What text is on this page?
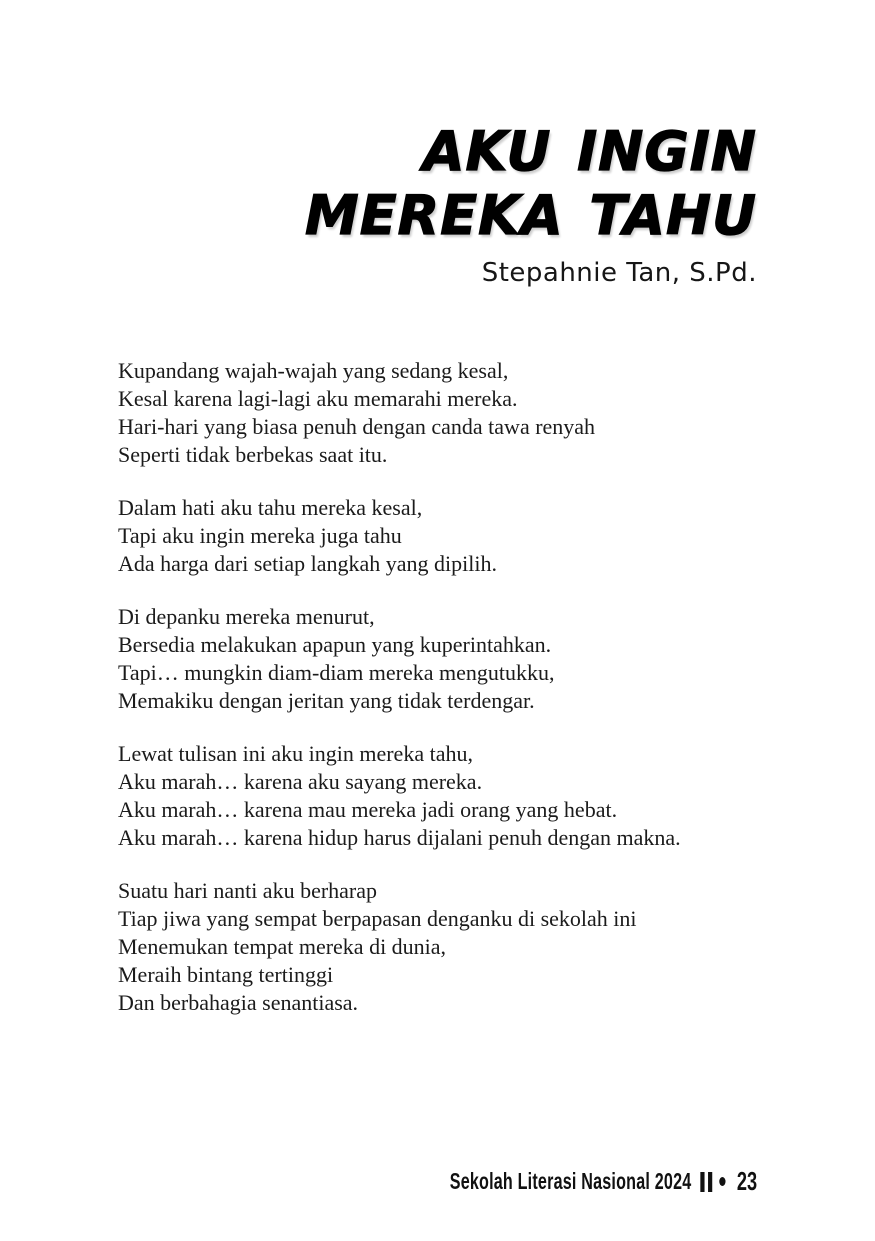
AKU INGIN
MEREKA TAHU
Stepahnie Tan, S.Pd.
Kupandang wajah-wajah yang sedang kesal,
Kesal karena lagi-lagi aku memarahi mereka.
Hari-hari yang biasa penuh dengan canda tawa renyah
Seperti tidak berbekas saat itu.
Dalam hati aku tahu mereka kesal,
Tapi aku ingin mereka juga tahu
Ada harga dari setiap langkah yang dipilih.
Di depanku mereka menurut,
Bersedia melakukan apapun yang kuperintahkan.
Tapi… mungkin diam-diam mereka mengutukku,
Memakiku dengan jeritan yang tidak terdengar.
Lewat tulisan ini aku ingin mereka tahu,
Aku marah… karena aku sayang mereka.
Aku marah… karena mau mereka jadi orang yang hebat.
Aku marah… karena hidup harus dijalani penuh dengan makna.
Suatu hari nanti aku berharap
Tiap jiwa yang sempat berpapasan denganku di sekolah ini
Menemukan tempat mereka di dunia,
Meraih bintang tertinggi
Dan berbahagia senantiasa.
Sekolah Literasi Nasional 2024 23
